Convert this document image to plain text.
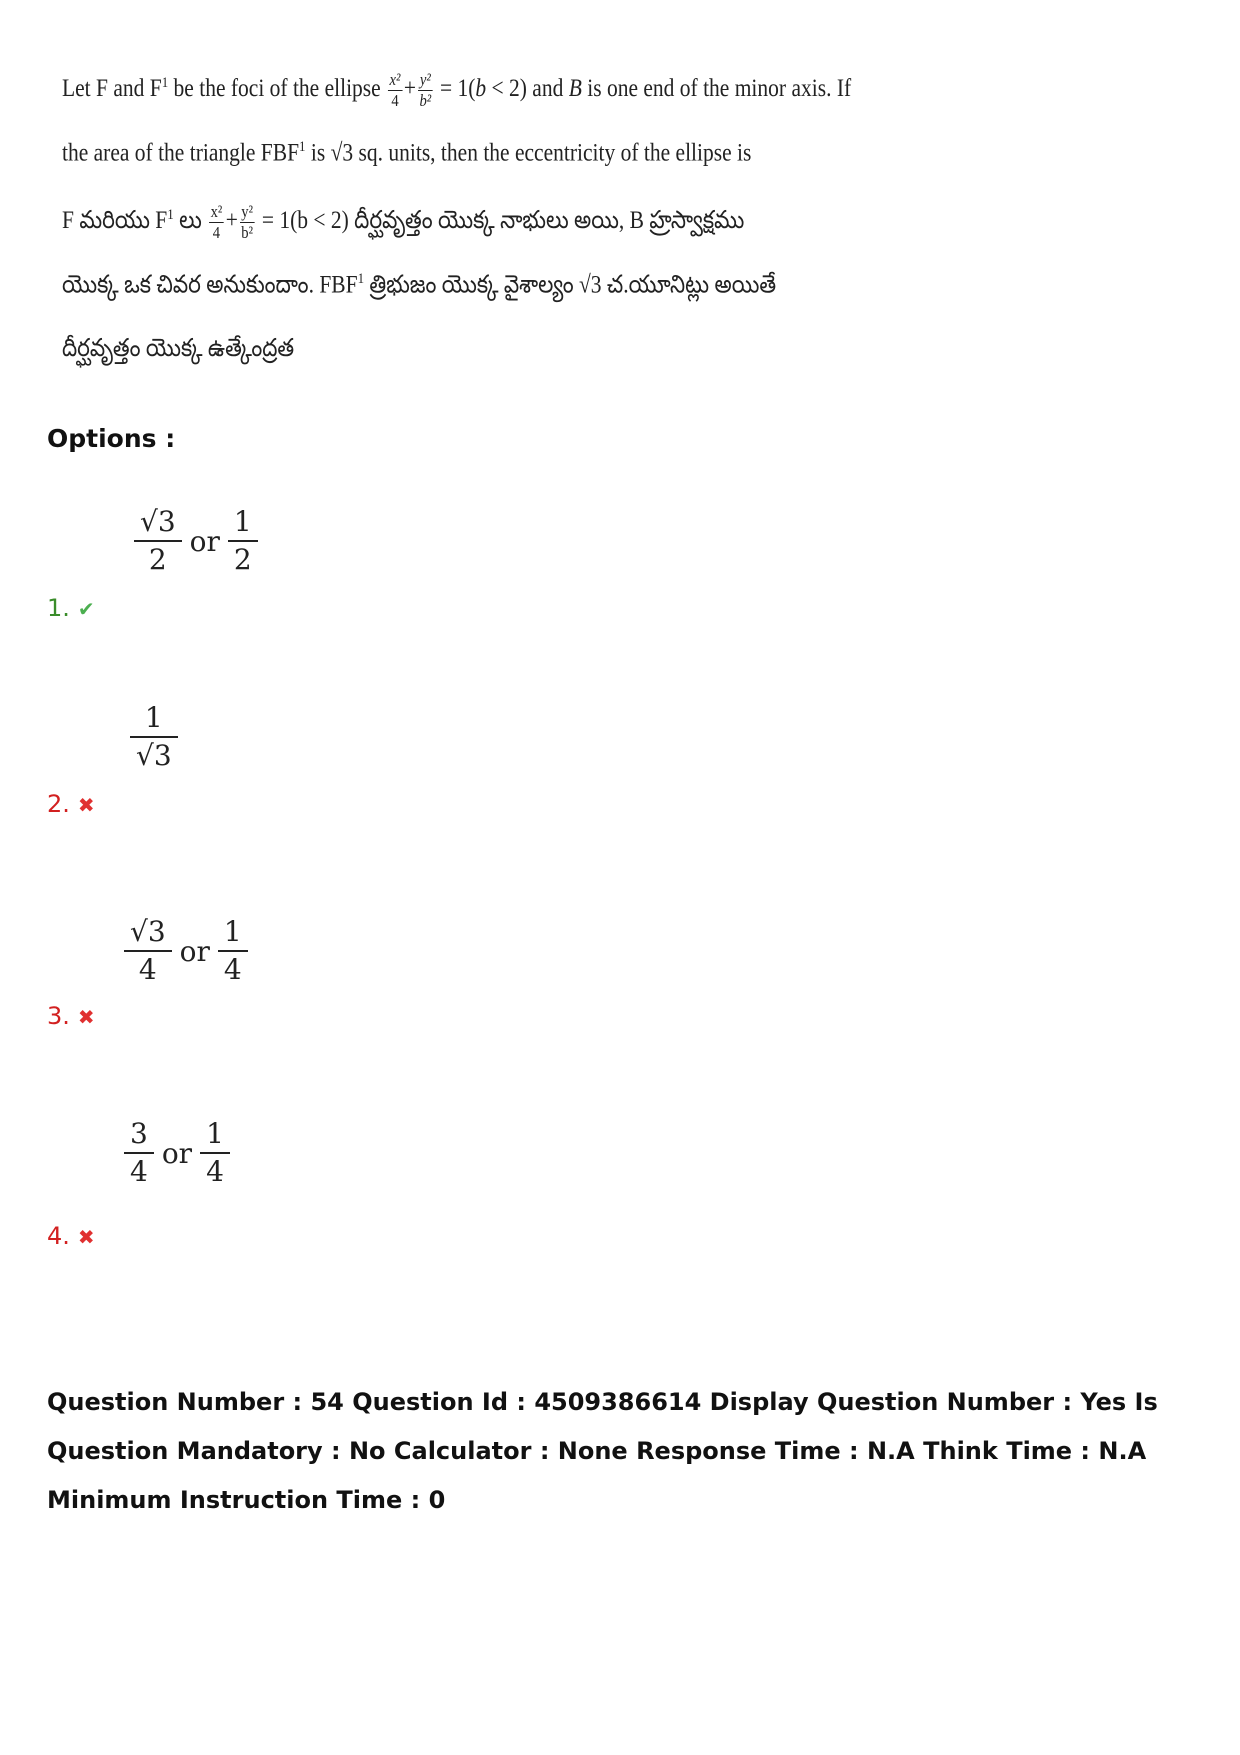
Let F and $F^1$ be the foci of the ellipse $\frac{\text{x²}}{4} + \frac{\text{y²}}{\text{b²}} = 1(b < 2)$ and B is one end of the minor axis. If
the area of the triangle FBF$^1$ is √3 sq. units, then the eccentricity of the ellipse is
F మరియు $F^1$ లు $\frac{\text{x²}}{4} + \frac{\text{y²}}{\text{b²}} = 1(b < 2)$ దీర్ఘవృత్తం యొక్క నాభులు అయి, B హ్రస్వాక్షము
యొక్క ఒక చివర అనుకుందాం. FBF$^1$ త్రిభుజం యొక్క వైశాల్యం √3 చ.యూనిట్లు అయితే
దీర్ఘవృత్తం యొక్క ఉత్కేంద్రత
Options :
$\frac{√3}{2}$ or $\frac{1}{2}$
1. ✔
$\frac{1}{√3}$
2. ✖
$\frac{√3}{4}$ or $\frac{1}{4}$
3. ✖
$\frac{3}{4}$ or $\frac{1}{4}$
4. ✖
Question Number : 54 Question Id : 4509386614 Display Question Number : Yes Is Question Mandatory : No Calculator : None Response Time : N.A Think Time : N.A Minimum Instruction Time : 0
